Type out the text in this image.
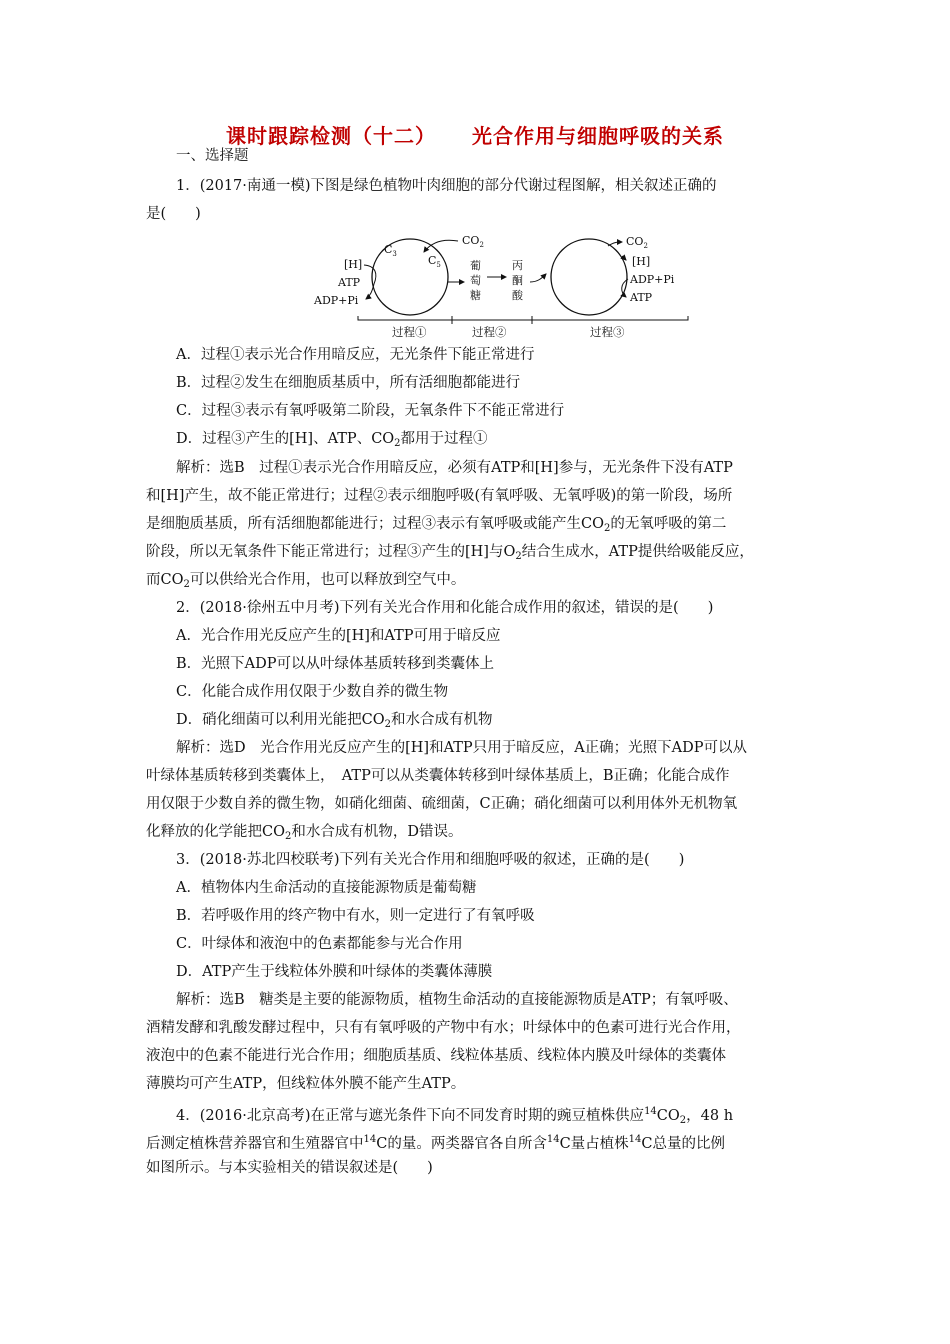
课时跟踪检测（十二） 光合作用与细胞呼吸的关系
一、选择题
1．(2017·南通一模)下图是绿色植物叶肉细胞的部分代谢过程图解，相关叙述正确的
是(　　)
$C_3$	$C_5$
$CO_2$
[H]
ATP
ADP+Pi
葡
萄
糖
丙
酮
酸
$CO_2$
[H]
ADP+Pi
ATP
过程①	过程②	过程③
A．过程①表示光合作用暗反应，无光条件下能正常进行
B．过程②发生在细胞质基质中，所有活细胞都能进行
C．过程③表示有氧呼吸第二阶段，无氧条件下不能正常进行
D．过程③产生的[H]、ATP、$CO_2$都用于过程①
解析：选B　过程①表示光合作用暗反应，必须有ATP和[H]参与，无光条件下没有ATP
和[H]产生，故不能正常进行；过程②表示细胞呼吸(有氧呼吸、无氧呼吸)的第一阶段，场所
是细胞质基质，所有活细胞都能进行；过程③表示有氧呼吸或能产生$CO_2$的无氧呼吸的第二
阶段，所以无氧条件下能正常进行；过程③产生的[H]与$O_2$结合生成水，ATP提供给吸能反应，
而$CO_2$可以供给光合作用，也可以释放到空气中。
2．(2018·徐州五中月考)下列有关光合作用和化能合成作用的叙述，错误的是(　　)
A．光合作用光反应产生的[H]和ATP可用于暗反应
B．光照下ADP可以从叶绿体基质转移到类囊体上
C．化能合成作用仅限于少数自养的微生物
D．硝化细菌可以利用光能把$CO_2$和水合成有机物
解析：选D　光合作用光反应产生的[H]和ATP只用于暗反应，A正确；光照下ADP可以从
叶绿体基质转移到类囊体上，　ATP可以从类囊体转移到叶绿体基质上，B正确；化能合成作
用仅限于少数自养的微生物，如硝化细菌、硫细菌，C正确；硝化细菌可以利用体外无机物氧
化释放的化学能把$CO_2$和水合成有机物，D错误。
3．(2018·苏北四校联考)下列有关光合作用和细胞呼吸的叙述，正确的是(　　)
A．植物体内生命活动的直接能源物质是葡萄糖
B．若呼吸作用的终产物中有水，则一定进行了有氧呼吸
C．叶绿体和液泡中的色素都能参与光合作用
D．ATP产生于线粒体外膜和叶绿体的类囊体薄膜
解析：选B　糖类是主要的能源物质，植物生命活动的直接能源物质是ATP；有氧呼吸、
酒精发酵和乳酸发酵过程中，只有有氧呼吸的产物中有水；叶绿体中的色素可进行光合作用，
液泡中的色素不能进行光合作用；细胞质基质、线粒体基质、线粒体内膜及叶绿体的类囊体
薄膜均可产生ATP，但线粒体外膜不能产生ATP。
4．(2016·北京高考)在正常与遮光条件下向不同发育时期的豌豆植株供应$^{14}CO_2$，48 h
后测定植株营养器官和生殖器官中$^{14}$C的量。两类器官各自所含$^{14}$C量占植株$^{14}$C总量的比例
如图所示。与本实验相关的错误叙述是(　　)
